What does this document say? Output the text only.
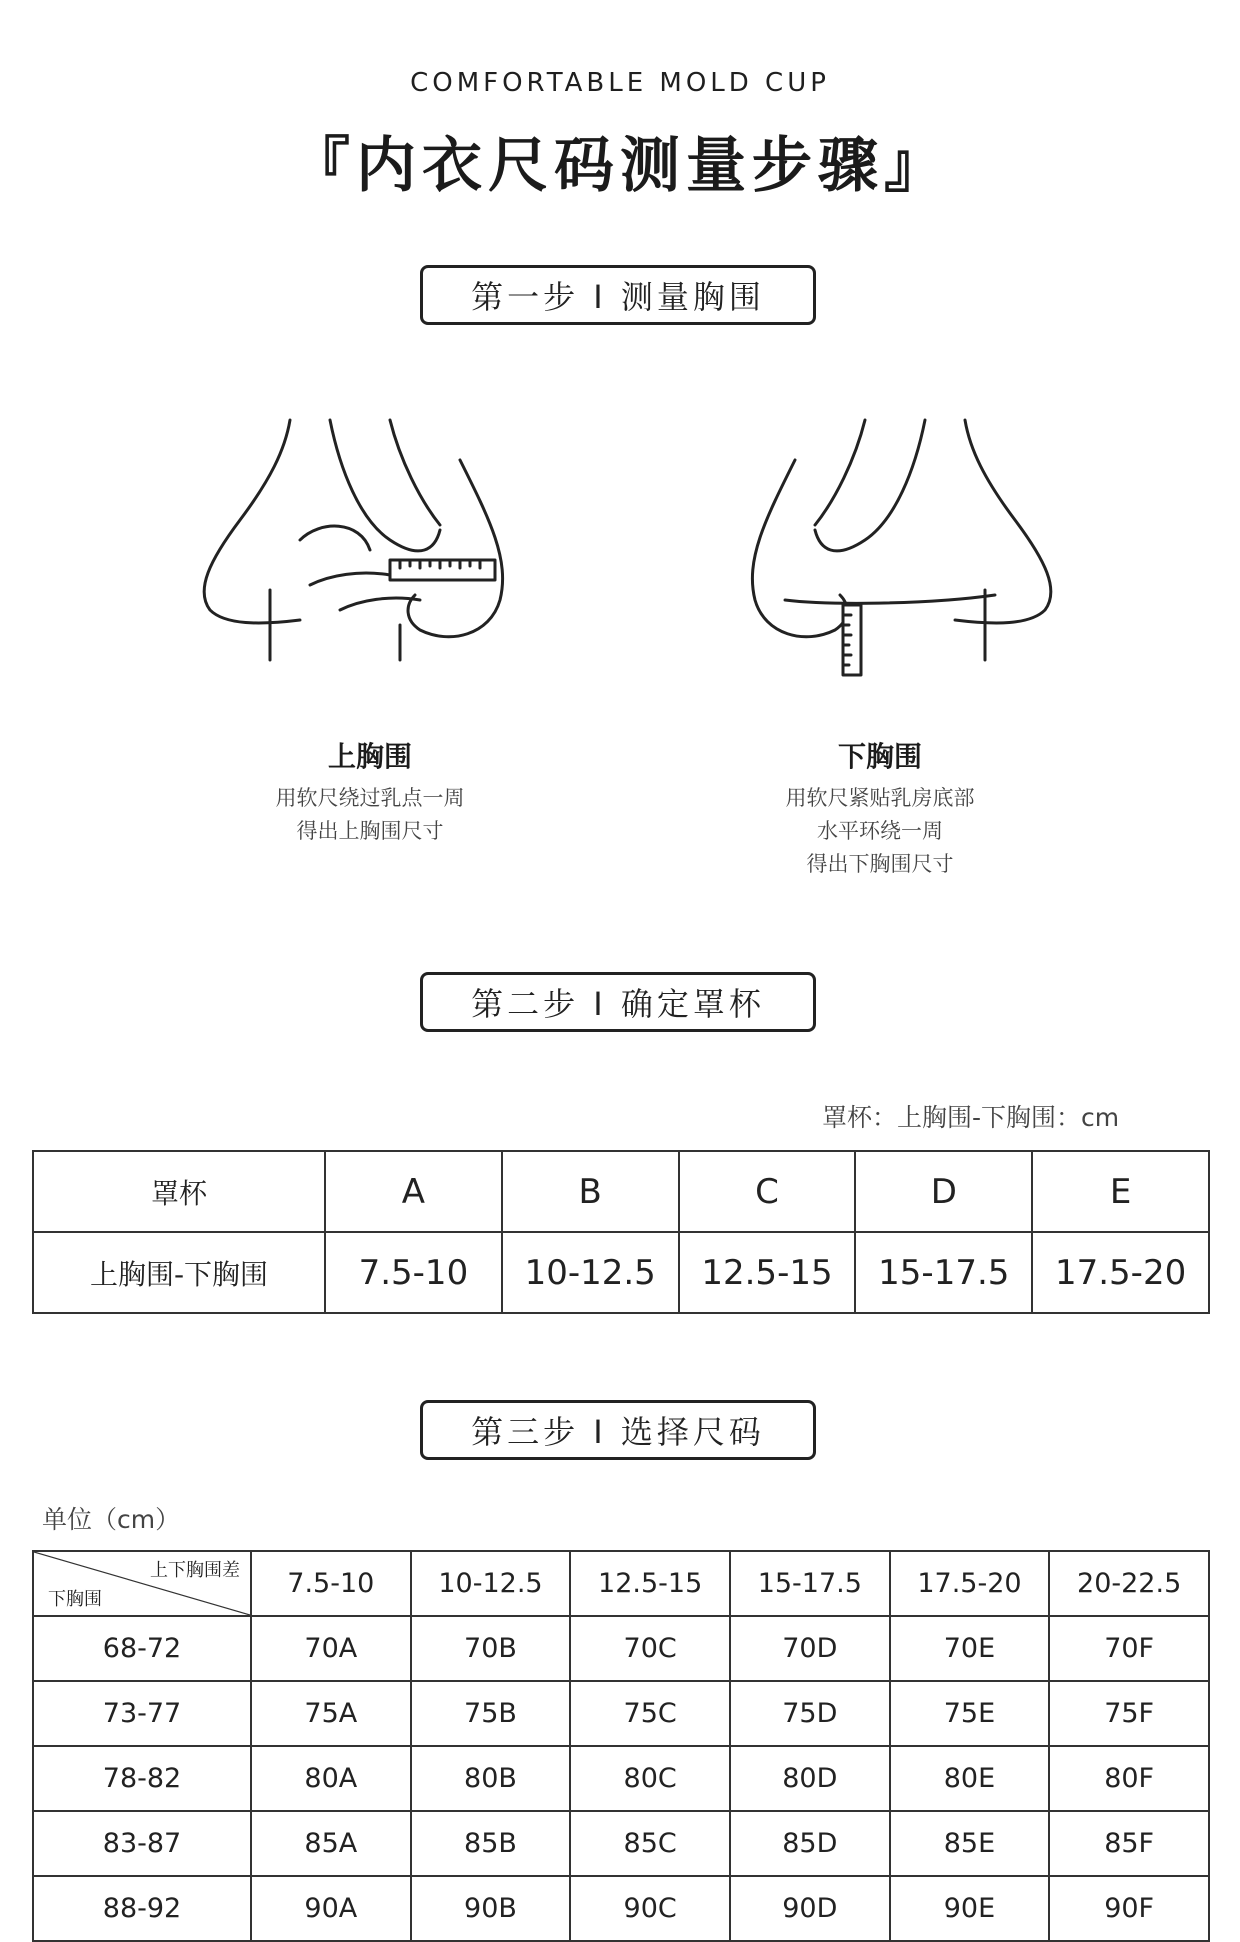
COMFORTABLE MOLD CUP
『内衣尺码测量步骤』
第一步 I 测量胸围
上胸围
用软尺绕过乳点一周
得出上胸围尺寸
下胸围
用软尺紧贴乳房底部
水平环绕一周
得出下胸围尺寸
第二步 I 确定罩杯
罩杯：上胸围-下胸围：cm
罩杯	A	B	C	D	E
上胸围-下胸围	7.5-10	10-12.5	12.5-15	15-17.5	17.5-20
第三步 I 选择尺码
单位（cm）
上下胸围差
下胸围	7.5-10	10-12.5	12.5-15	15-17.5	17.5-20	20-22.5
68-72	70A	70B	70C	70D	70E	70F
73-77	75A	75B	75C	75D	75E	75F
78-82	80A	80B	80C	80D	80E	80F
83-87	85A	85B	85C	85D	85E	85F
88-92	90A	90B	90C	90D	90E	90F
